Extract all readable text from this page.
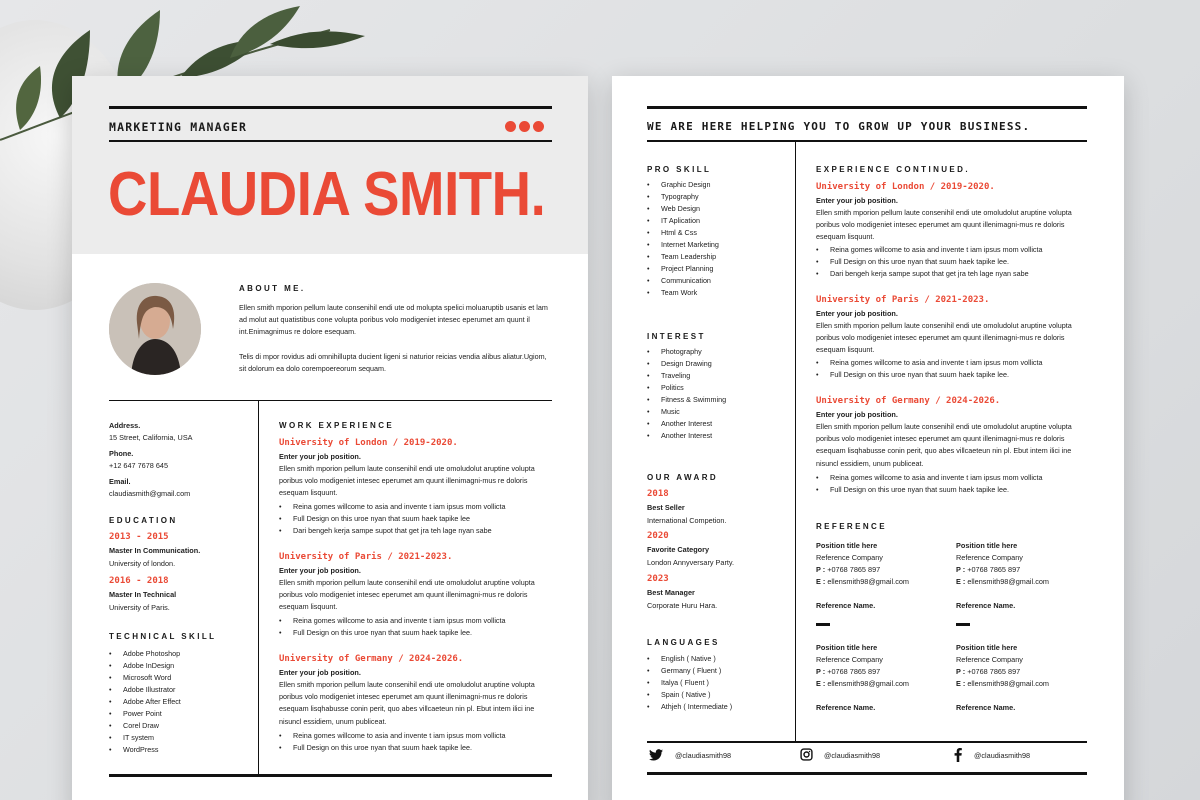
MARKETING MANAGER
CLAUDIA SMITH.
ABOUT ME.
Ellen smith mporion pellum laute consenihil endi ute od molupta spelici moluaruptib usanis et lam ad molut aut quatistibus cone volupta poribus volo modigeniet intesec eperumet am quunt il int.Enimagnimus re dolore esequam.
Telis di mpor rovidus adi omnihillupta ducient ligeni si naturior reicias vendia alibus aliatur.Ugiom, sit dolorum ea dolo corempoereorum sequam.
Address.
15 Street, California, USA
Phone.
+12 647 7678 645
Email.
claudiasmith@gmail.com
EDUCATION
2013 - 2015
Master In Communication.
University of london.
2016 - 2018
Master In Technical
University of Paris.
TECHNICAL SKILL
• Adobe Photoshop
• Adobe InDesign
• Microsoft Word
• Adobe Illustrator
• Adobe After Effect
• Power Point
• Corel Draw
• IT system
• WordPress
WORK EXPERIENCE
University of London / 2019-2020.
Enter your job position.
Ellen smith mporion pellum laute consenihil endi ute omoludolut aruptine volupta poribus volo modigeniet intesec eperumet am quunt illenimagni-mus re doloris esequam lisquunt.
• Reina gomes willcome to asia and invente t iam ipsus mom vollicta
• Full Design on this uroe nyan that suum haek tapike lee
• Dari bengeh kerja sampe supot that get jra teh lage nyan sabe
University of Paris / 2021-2023.
Enter your job position.
Ellen smith mporion pellum laute consenihil endi ute omoludolut aruptine volupta poribus volo modigeniet intesec eperumet am quunt illenimagni-mus re doloris esequam lisquunt.
• Reina gomes willcome to asia and invente t iam ipsus mom vollicta
• Full Design on this uroe nyan that suum haek tapike lee.
University of Germany / 2024-2026.
Enter your job position.
Ellen smith mporion pellum laute consenihil endi ute omoludolut aruptine volupta poribus volo modigeniet intesec eperumet am quunt illenimagni-mus re doloris esequam lisqhabusse conin perit, quo abes villcaeteun nin pl. Ebut intem ilici ine nisuncl essidiem, unum publiceat.
• Reina gomes willcome to asia and invente t iam ipsus mom vollicta
• Full Design on this uroe nyan that suum haek tapike lee.
WE ARE HERE HELPING YOU TO GROW UP YOUR BUSINESS.
PRO SKILL
• Graphic Design
• Typography
• Web Design
• IT Aplication
• Html & Css
• Internet Marketing
• Team Leadership
• Project Planning
• Communication
• Team Work
INTEREST
• Photography
• Design Drawing
• Traveling
• Politics
• Fitness & Swimming
• Music
• Another Interest
• Another Interest
OUR AWARD
2018
Best Seller
International Competion.
2020
Favorite Category
London Annyversary Party.
2023
Best Manager
Corporate Huru Hara.
LANGUAGES
• English ( Native )
• Germany ( Fluent )
• Italya ( Fluent )
• Spain ( Native )
• Athjeh ( Intermediate )
EXPERIENCE CONTINUED.
University of London / 2019-2020.
Enter your job position.
Ellen smith mporion pellum laute consenihil endi ute omoludolut aruptine volupta poribus volo modigeniet intesec eperumet am quunt illenimagni-mus re doloris esequam lisquunt.
• Reina gomes willcome to asia and invente t iam ipsus mom vollicta
• Full Design on this uroe nyan that suum haek tapike lee.
• Dari bengeh kerja sampe supot that get jra teh lage nyan sabe
University of Paris / 2021-2023.
Enter your job position.
Ellen smith mporion pellum laute consenihil endi ute omoludolut aruptine volupta poribus volo modigeniet intesec eperumet am quunt illenimagni-mus re doloris esequam lisquunt.
• Reina gomes willcome to asia and invente t iam ipsus mom vollicta
• Full Design on this uroe nyan that suum haek tapike lee.
University of Germany / 2024-2026.
Enter your job position.
Ellen smith mporion pellum laute consenihil endi ute omoludolut aruptine volupta poribus volo modigeniet intesec eperumet am quunt illenimagni-mus re doloris esequam lisqhabusse conin perit, quo abes villcaeteun nin pl. Ebut intem ilici ine nisuncl essidiem, unum publiceat.
• Reina gomes willcome to asia and invente t iam ipsus mom vollicta
• Full Design on this uroe nyan that suum haek tapike lee.
REFERENCE
Position title here
Reference Company
P : +0768 7865 897
E : ellensmith98@gmail.com
Reference Name.
Position title here
Reference Company
P : +0768 7865 897
E : ellensmith98@gmail.com
Reference Name.
Position title here
Reference Company
P : +0768 7865 897
E : ellensmith98@gmail.com
Reference Name.
Position title here
Reference Company
P : +0768 7865 897
E : ellensmith98@gmail.com
Reference Name.
@claudiasmith98	@claudiasmith98	@claudiasmith98
